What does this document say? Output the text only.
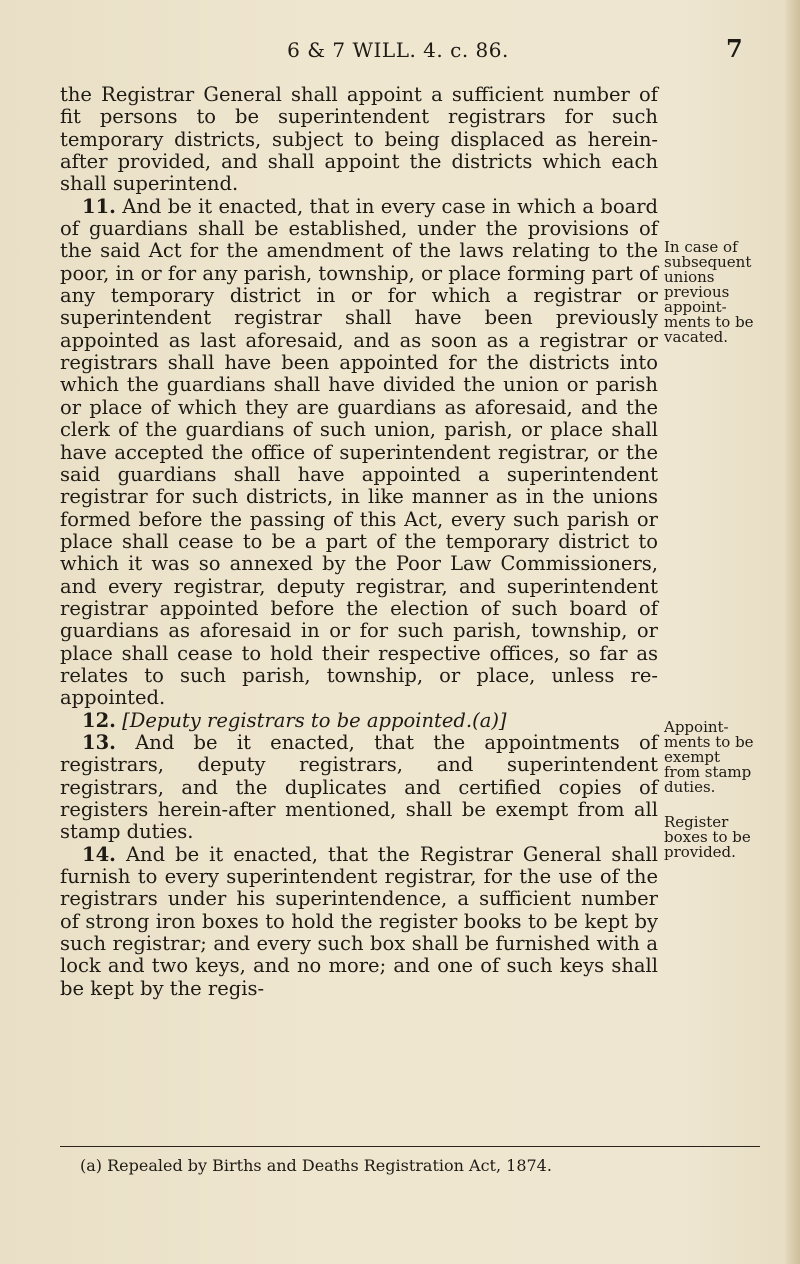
6 & 7 WILL. 4. c. 86.	7

the Registrar General shall appoint a sufficient number of fit persons to be superintendent registrars for such temporary districts, subject to being displaced as herein-after provided, and shall appoint the districts which each shall superintend.

11. And be it enacted, that in every case in which a board of guardians shall be established, under the provisions of the said Act for the amendment of the laws relating to the poor, in or for any parish, township, or place forming part of any temporary district in or for which a registrar or superintendent registrar shall have been previously appointed as last aforesaid, and as soon as a registrar or registrars shall have been appointed for the districts into which the guardians shall have divided the union or parish or place of which they are guardians as aforesaid, and the clerk of the guardians of such union, parish, or place shall have accepted the office of superintendent registrar, or the said guardians shall have appointed a superintendent registrar for such districts, in like manner as in the unions formed before the passing of this Act, every such parish or place shall cease to be a part of the temporary district to which it was so annexed by the Poor Law Commissioners, and every registrar, deputy registrar, and superintendent registrar appointed before the election of such board of guardians as aforesaid in or for such parish, township, or place shall cease to hold their respective offices, so far as relates to such parish, township, or place, unless re-appointed.

12. [Deputy registrars to be appointed.(a)]

13. And be it enacted, that the appointments of registrars, deputy registrars, and superintendent registrars, and the duplicates and certified copies of registers herein-after mentioned, shall be exempt from all stamp duties.

14. And be it enacted, that the Registrar General shall furnish to every superintendent registrar, for the use of the registrars under his superintendence, a sufficient number of strong iron boxes to hold the register books to be kept by such registrar; and every such box shall be furnished with a lock and two keys, and no more; and one of such keys shall be kept by the regis-

In case of
subsequent
unions
previous
appoint-
ments to be
vacated.
Appoint-
ments to be
exempt
from stamp
duties.
Register
boxes to be
provided.
(a) Repealed by Births and Deaths Registration Act, 1874.
